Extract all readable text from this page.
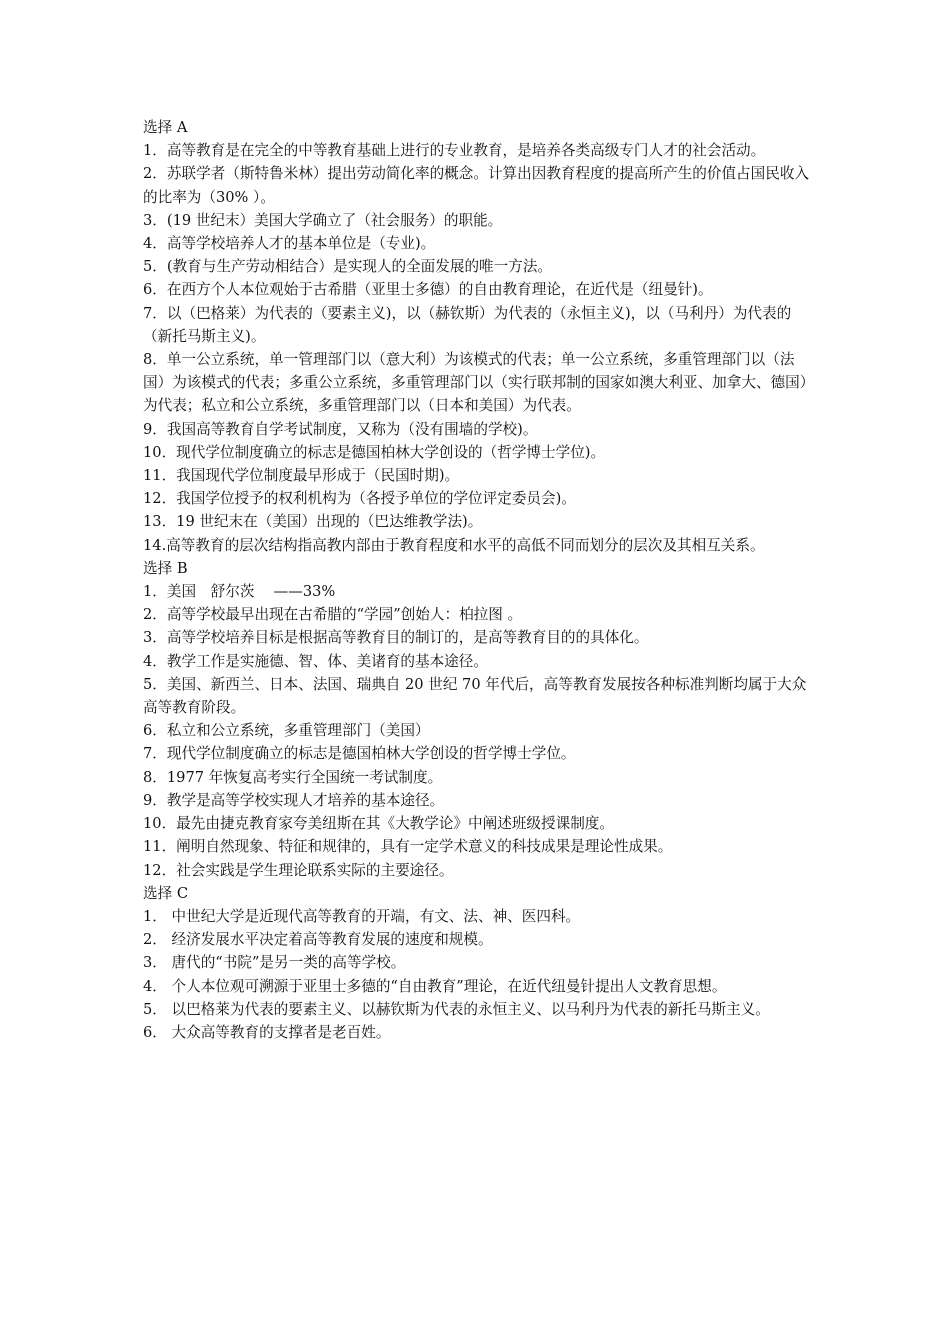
选择 A
1．高等教育是在完全的中等教育基础上进行的专业教育，是培养各类高级专门人才的社会活动。
2．苏联学者（斯特鲁米林）提出劳动简化率的概念。计算出因教育程度的提高所产生的价值占国民收入的比率为（30% ）。
3．(19 世纪末）美国大学确立了（社会服务）的职能。
4．高等学校培养人才的基本单位是（专业)。
5．(教育与生产劳动相结合）是实现人的全面发展的唯一方法。
6．在西方个人本位观始于古希腊（亚里士多德）的自由教育理论，在近代是（纽曼针)。
7．以（巴格莱）为代表的（要素主义)，以（赫钦斯）为代表的（永恒主义)，以（马利丹）为代表的（新托马斯主义)。
8．单一公立系统，单一管理部门以（意大利）为该模式的代表；单一公立系统，多重管理部门以（法国）为该模式的代表；多重公立系统，多重管理部门以（实行联邦制的国家如澳大利亚、加拿大、德国）为代表；私立和公立系统，多重管理部门以（日本和美国）为代表。
9．我国高等教育自学考试制度，又称为（没有围墙的学校)。
10．现代学位制度确立的标志是德国柏林大学创设的（哲学博士学位)。
11．我国现代学位制度最早形成于（民国时期)。
12．我国学位授予的权利机构为（各授予单位的学位评定委员会)。
13．19 世纪末在（美国）出现的（巴达维教学法)。
14.高等教育的层次结构指高教内部由于教育程度和水平的高低不同而划分的层次及其相互关系。
选择 B
1．美国　舒尔茨　 ——33%
2．高等学校最早出现在古希腊的“学园”创始人：柏拉图 。
3．高等学校培养目标是根据高等教育目的制订的，是高等教育目的的具体化。
4．教学工作是实施德、智、体、美诸育的基本途径。
5．美国、新西兰、日本、法国、瑞典自 20 世纪 70 年代后，高等教育发展按各种标准判断均属于大众高等教育阶段。
6．私立和公立系统，多重管理部门（美国）
7．现代学位制度确立的标志是德国柏林大学创设的哲学博士学位。
8．1977 年恢复高考实行全国统一考试制度。
9．教学是高等学校实现人才培养的基本途径。
10．最先由捷克教育家夸美纽斯在其《大教学论》中阐述班级授课制度。
11．阐明自然现象、特征和规律的，具有一定学术意义的科技成果是理论性成果。
12．社会实践是学生理论联系实际的主要途径。
选择 C
1． 中世纪大学是近现代高等教育的开端，有文、法、神、医四科。
2． 经济发展水平决定着高等教育发展的速度和规模。
3． 唐代的“书院”是另一类的高等学校。
4． 个人本位观可溯源于亚里士多德的“自由教育”理论，在近代纽曼针提出人文教育思想。
5． 以巴格莱为代表的要素主义、以赫钦斯为代表的永恒主义、以马利丹为代表的新托马斯主义。
6． 大众高等教育的支撑者是老百姓。
